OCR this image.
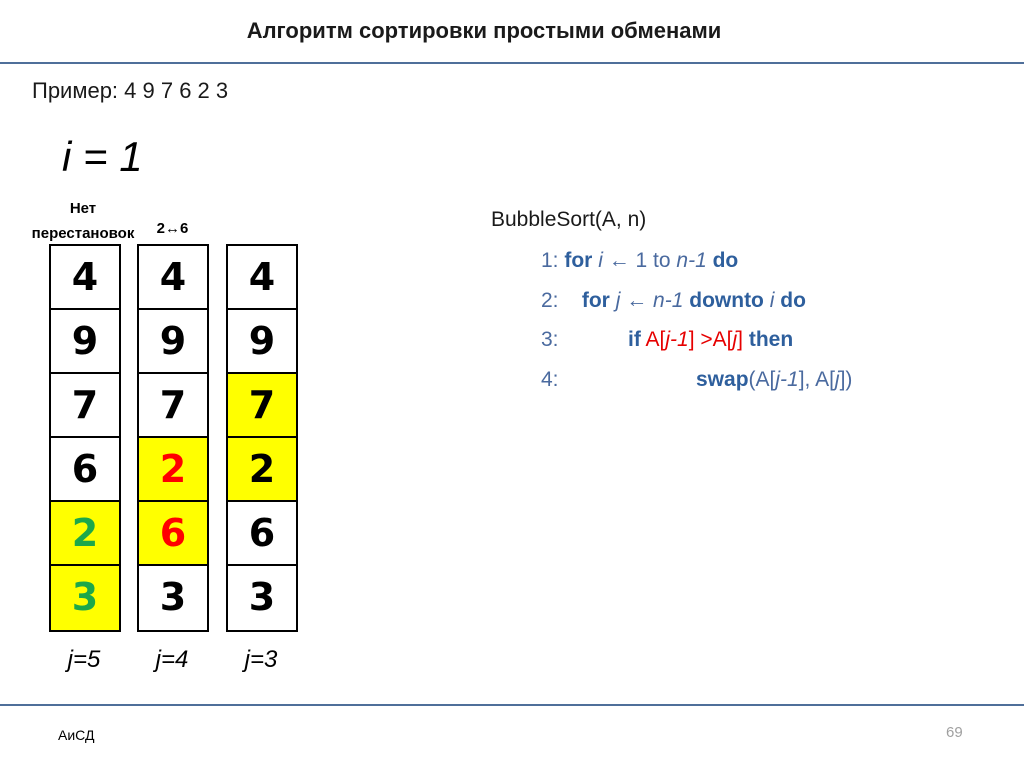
Алгоритм сортировки простыми обменами
Пример: 4 9 7 6 2 3
i = 1
Нет
перестановок
4
9
7
6
2
3
j=5
2↔6
4
9
7
2
6
3
j=4
4
9
7
2
6
3
j=3
BubbleSort(A, n)
1: for i ← 1 to n-1 do
2: for j ← n-1 downto i do
3:	if A[j-1] >A[j] then
4:	swap(A[j-1], A[j])
АиСД	69
